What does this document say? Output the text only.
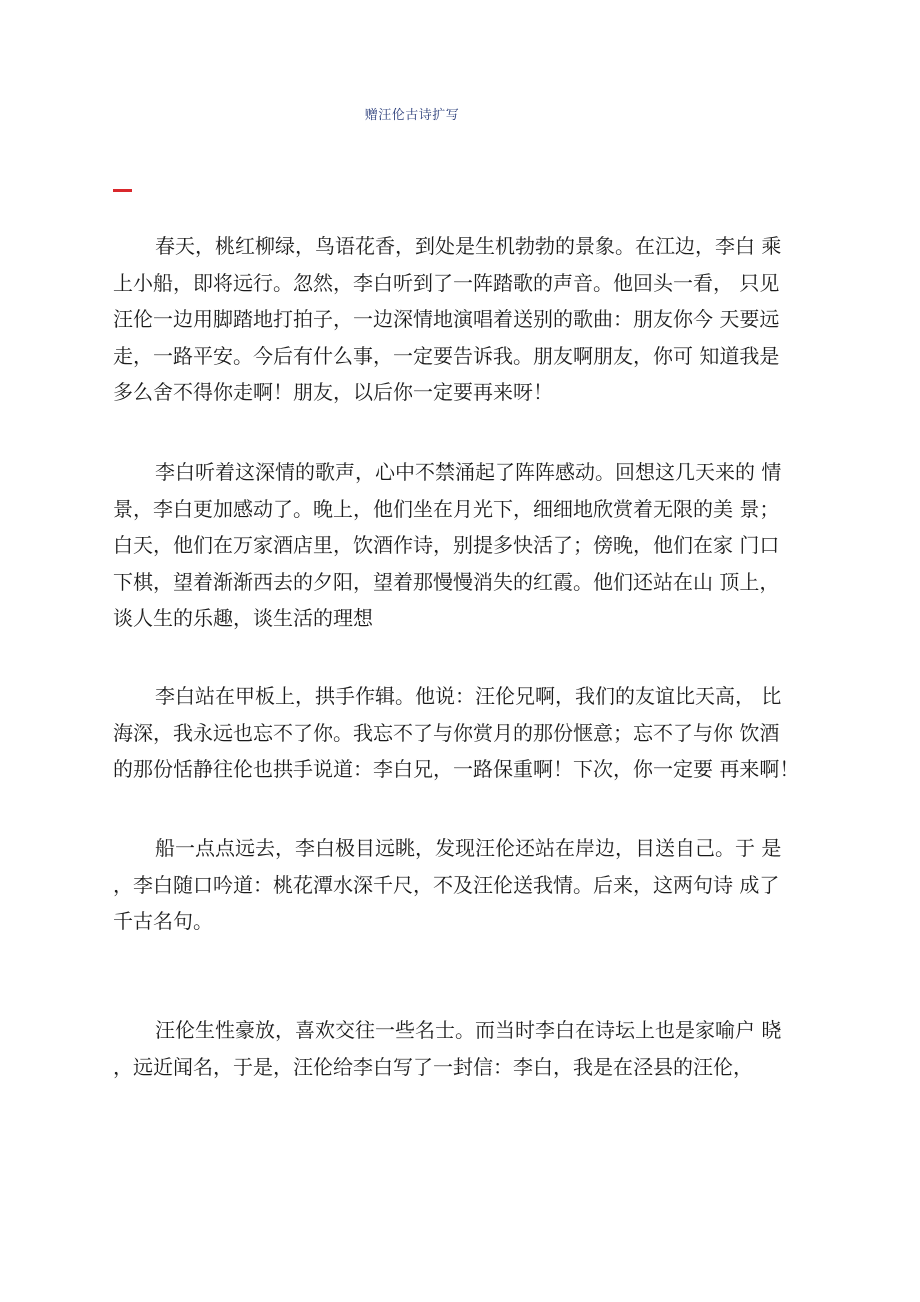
赠汪伦古诗扩写

春天，桃红柳绿，鸟语花香，到处是生机勃勃的景象。在江边，李白 乘
上小船，即将远行。忽然，李白听到了一阵踏歌的声音。他回头一看， 只见
汪伦一边用脚踏地打拍子，一边深情地演唱着送别的歌曲：朋友你今 天要远
走，一路平安。今后有什么事，一定要告诉我。朋友啊朋友，你可 知道我是
多么舍不得你走啊！朋友，以后你一定要再来呀！

李白听着这深情的歌声，心中不禁涌起了阵阵感动。回想这几天来的 情
景，李白更加感动了。晚上，他们坐在月光下，细细地欣赏着无限的美 景；
白天，他们在万家酒店里，饮酒作诗，别提多快活了；傍晚，他们在家 门口
下棋，望着渐渐西去的夕阳，望着那慢慢消失的红霞。他们还站在山 顶上，
谈人生的乐趣，谈生活的理想

李白站在甲板上，拱手作辑。他说：汪伦兄啊，我们的友谊比天高， 比
海深，我永远也忘不了你。我忘不了与你赏月的那份惬意；忘不了与你 饮酒
的那份恬静往伦也拱手说道：李白兄，一路保重啊！下次，你一定要 再来啊！

船一点点远去，李白极目远眺，发现汪伦还站在岸边，目送自己。于 是
，李白随口吟道：桃花潭水深千尺，不及汪伦送我情。后来，这两句诗 成了
千古名句。

汪伦生性豪放，喜欢交往一些名士。而当时李白在诗坛上也是家喻户 晓
，远近闻名，于是，汪伦给李白写了一封信：李白，我是在泾县的汪伦，
